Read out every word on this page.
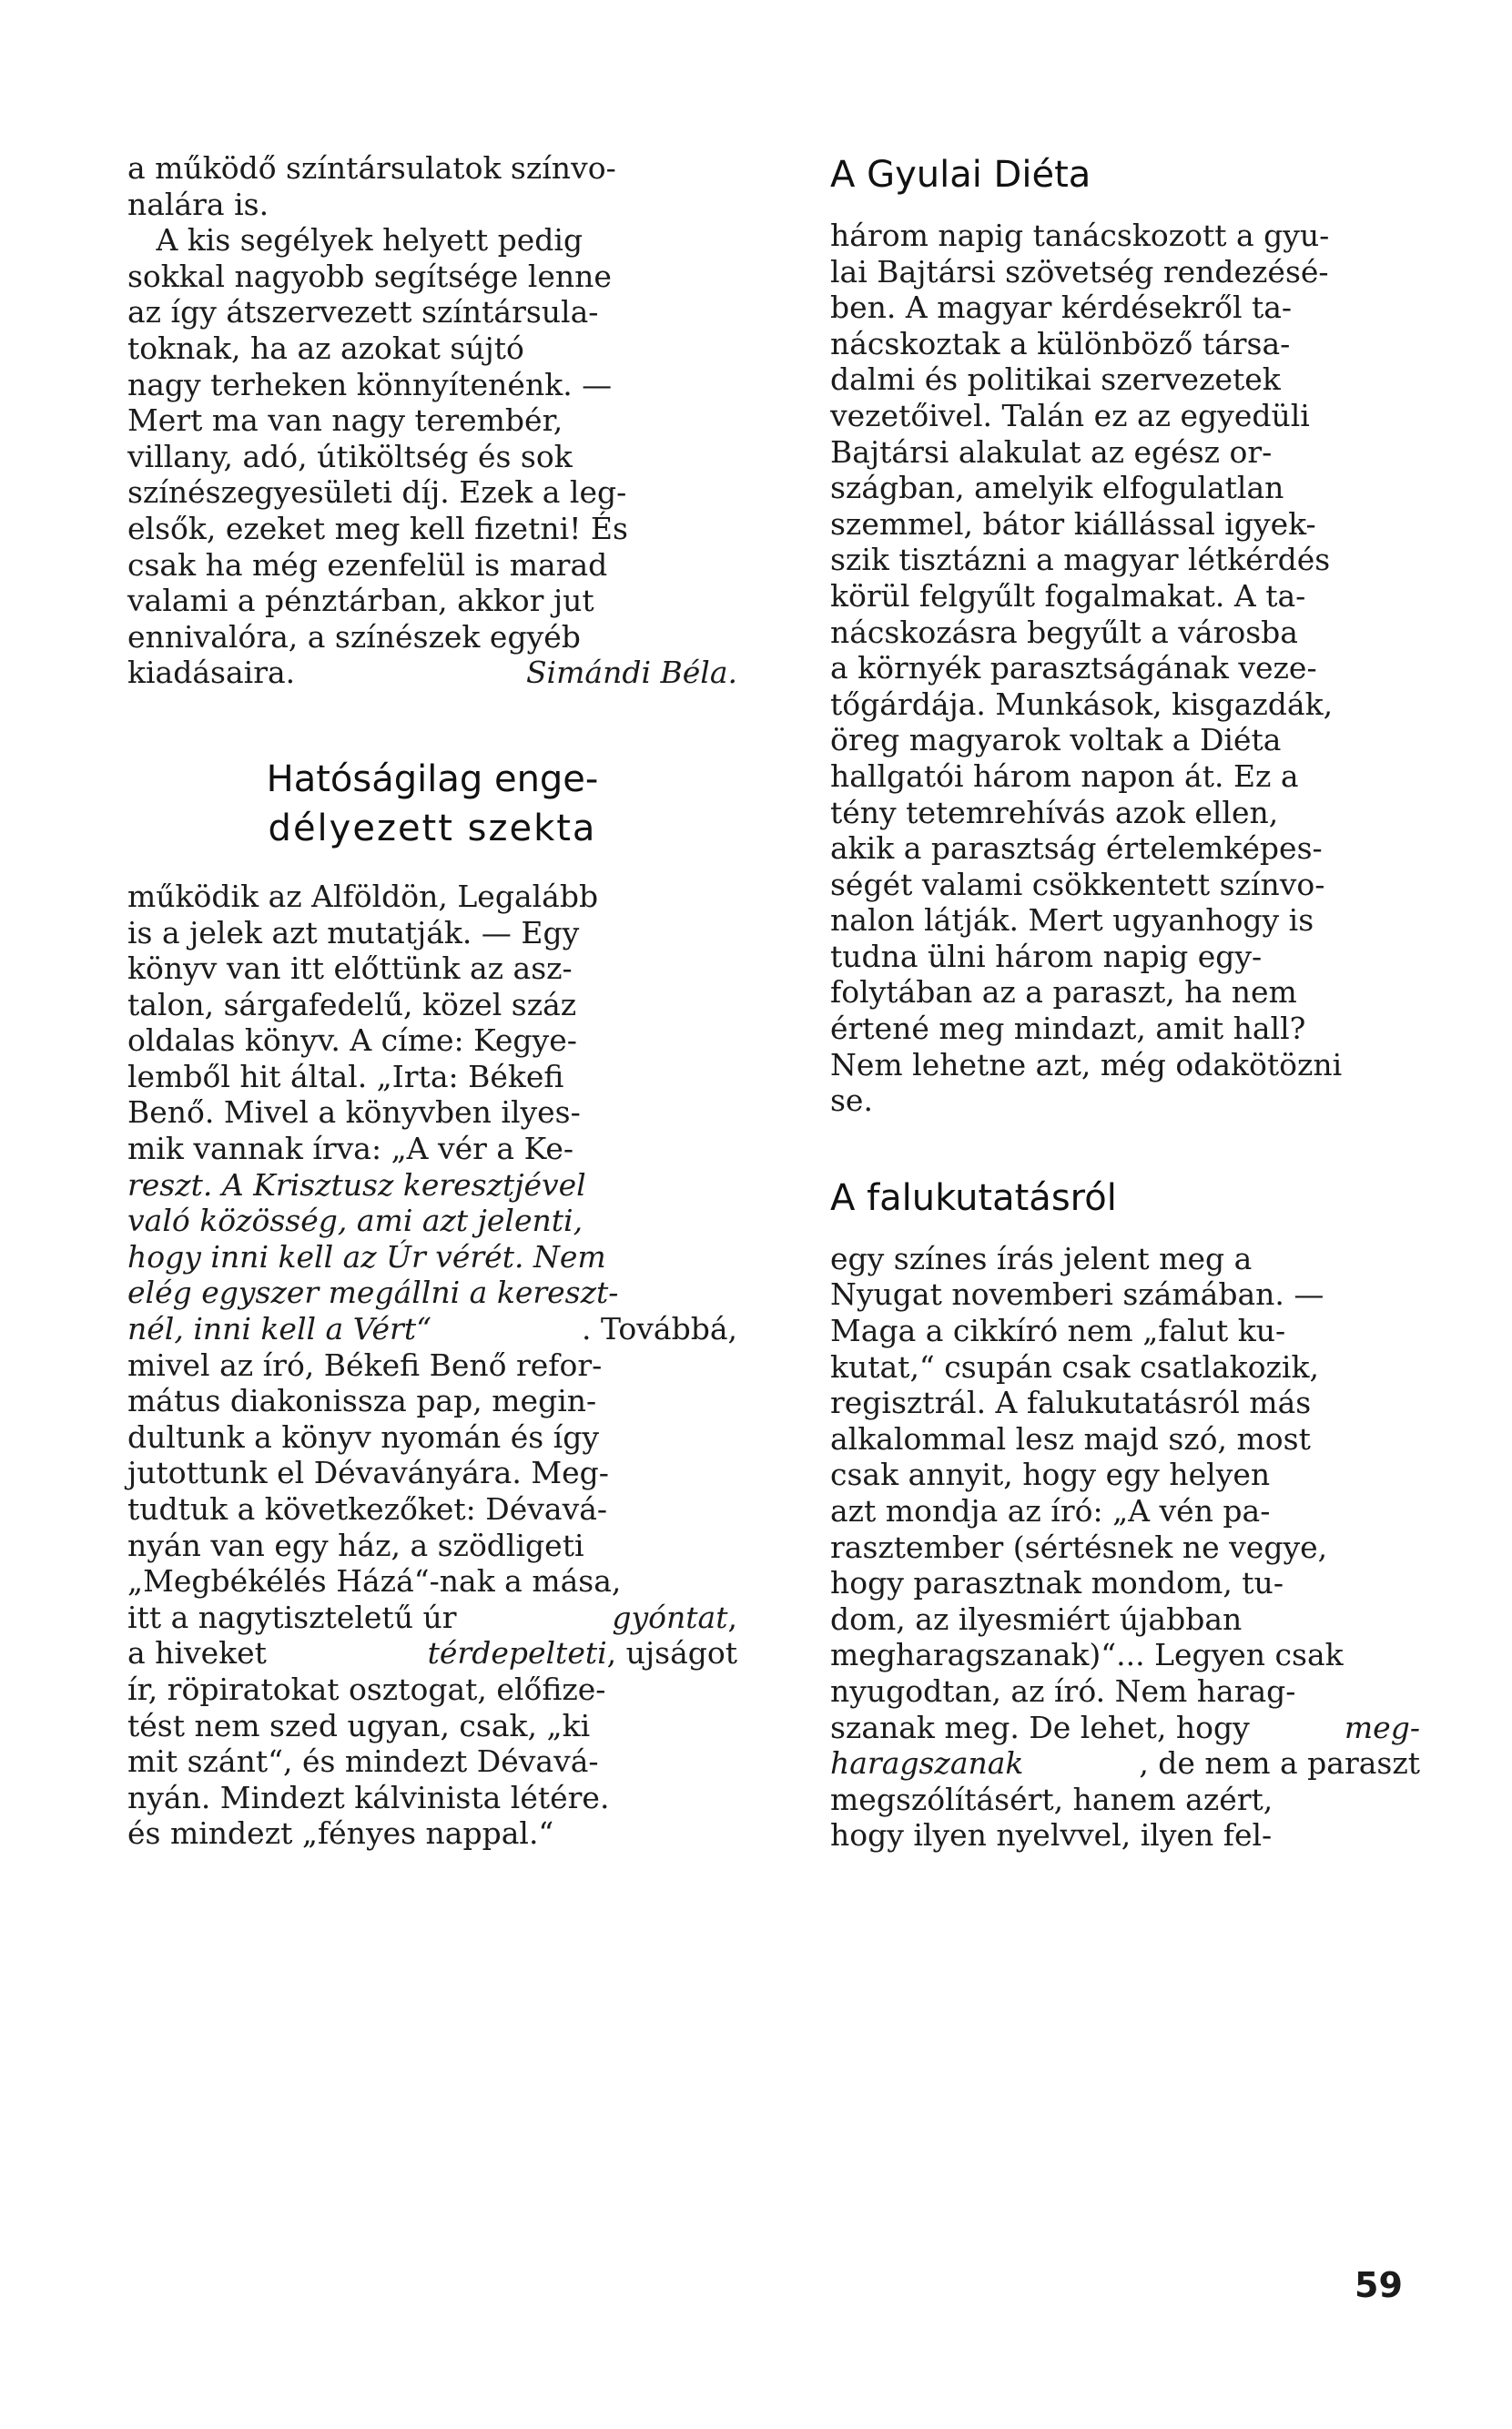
a működő színtársulatok színvo-
nalára is.
A kis segélyek helyett pedig
sokkal nagyobb segítsége lenne
az így átszervezett színtársula-
toknak, ha az azokat sújtó
nagy terheken könnyítenénk. —
Mert ma van nagy terembér,
villany, adó, útiköltség és sok
színészegyesületi díj. Ezek a leg-
elsők, ezeket meg kell fizetni! És
csak ha még ezenfelül is marad
valami a pénztárban, akkor jut
ennivalóra, a színészek egyéb
kiadásaira.	Simándi Béla.
Hatóságilag enge-
délyezett szekta
működik az Alföldön, Legalább
is a jelek azt mutatják. — Egy
könyv van itt előttünk az asz-
talon, sárgafedelű, közel száz
oldalas könyv. A címe: Kegye-
lemből hit által. „Irta: Békefi
Benő. Mivel a könyvben ilyes-
mik vannak írva: „A vér a Ke-
reszt. A Krisztusz keresztjével
való közösség, ami azt jelenti,
hogy inni kell az Úr vérét. Nem
elég egyszer megállni a kereszt-
nél, inni kell a Vért“	. Továbbá,
mivel az író, Békefi Benő refor-
mátus diakonissza pap, megin-
dultunk a könyv nyomán és így
jutottunk el Dévaványára. Meg-
tudtuk a következőket: Dévavá-
nyán van egy ház, a szödligeti
„Megbékélés Házá“-nak a mása,
itt a nagytiszteletű úr	gyóntat ,
a hiveket	térdepelteti , ujságot
ír, röpiratokat osztogat, előfize-
tést nem szed ugyan, csak, „ki
mit szánt“, és mindezt Dévavá-
nyán. Mindezt kálvinista létére.
és mindezt „fényes nappal.“
A Gyulai Diéta
három napig tanácskozott a gyu-
lai Bajtársi szövetség rendezésé-
ben. A magyar kérdésekről ta-
nácskoztak a különböző társa-
dalmi és politikai szervezetek
vezetőivel. Talán ez az egyedüli
Bajtársi alakulat az egész or-
szágban, amelyik elfogulatlan
szemmel, bátor kiállással igyek-
szik tisztázni a magyar létkérdés
körül felgyűlt fogalmakat. A ta-
nácskozásra begyűlt a városba
a környék parasztságának veze-
tőgárdája. Munkások, kisgazdák,
öreg magyarok voltak a Diéta
hallgatói három napon át. Ez a
tény tetemrehívás azok ellen,
akik a parasztság értelemképes-
ségét valami csökkentett színvo-
nalon látják. Mert ugyanhogy is
tudna ülni három napig egy-
folytában az a paraszt, ha nem
értené meg mindazt, amit hall?
Nem lehetne azt, még odakötözni
se.
A falukutatásról
egy színes írás jelent meg a
Nyugat novemberi számában. —
Maga a cikkíró nem „falut ku-
kutat,“ csupán csak csatlakozik,
regisztrál. A falukutatásról más
alkalommal lesz majd szó, most
csak annyit, hogy egy helyen
azt mondja az író: „A vén pa-
rasztember (sértésnek ne vegye,
hogy parasztnak mondom, tu-
dom, az ilyesmiért újabban
megharagszanak)“... Legyen csak
nyugodtan, az író. Nem harag-
szanak meg. De lehet, hogy	meg-
haragszanak	, de nem a paraszt
megszólításért, hanem azért,
hogy ilyen nyelvvel, ilyen fel-
59
